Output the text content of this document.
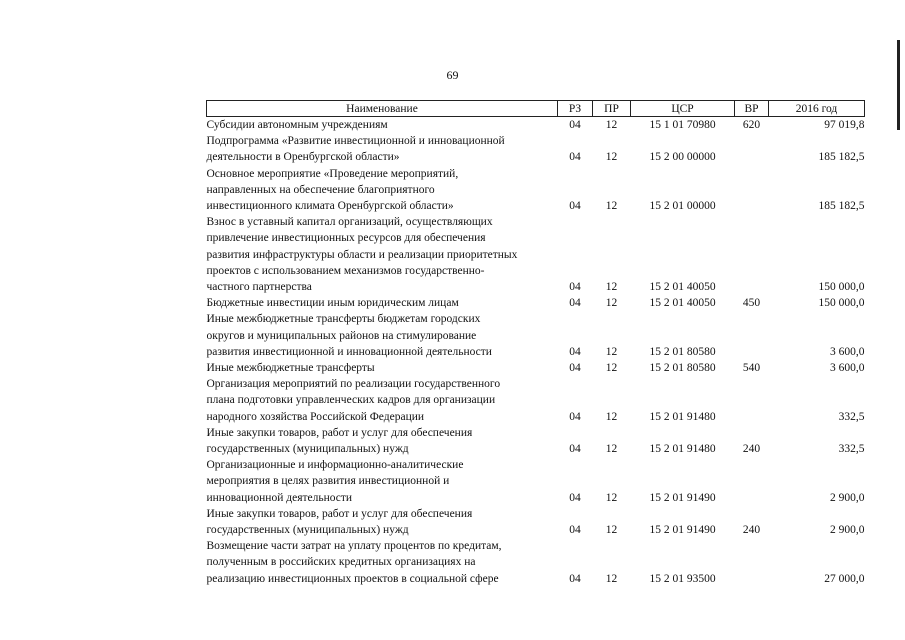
69
Наименование	РЗ	ПР	ЦСР	ВР	2016 год

Субсидии автономным учреждениям	04	12	15 1 01 70980	620	97 019,8

Подпрограмма «Развитие инвестиционной и инновационной
деятельности в Оренбургской области»	04	12	15 2 00 00000		185 182,5

Основное мероприятие «Проведение мероприятий,
направленных на обеспечение благоприятного
инвестиционного климата Оренбургской области»	04	12	15 2 01 00000		185 182,5

Взнос в уставный капитал организаций, осуществляющих
привлечение инвестиционных ресурсов для обеспечения
развития инфраструктуры области и реализации приоритетных
проектов с использованием механизмов государственно-
частного партнерства	04	12	15 2 01 40050		150 000,0

Бюджетные инвестиции иным юридическим лицам	04	12	15 2 01 40050	450	150 000,0

Иные межбюджетные трансферты бюджетам городских
округов и муниципальных районов на стимулирование
развития инвестиционной и инновационной деятельности	04	12	15 2 01 80580		3 600,0

Иные межбюджетные трансферты	04	12	15 2 01 80580	540	3 600,0

Организация мероприятий по реализации государственного
плана подготовки управленческих кадров для организации
народного хозяйства Российской Федерации	04	12	15 2 01 91480		332,5

Иные закупки товаров, работ и услуг для обеспечения
государственных (муниципальных) нужд	04	12	15 2 01 91480	240	332,5

Организационные и информационно-аналитические
мероприятия в целях развития инвестиционной и
инновационной деятельности	04	12	15 2 01 91490		2 900,0

Иные закупки товаров, работ и услуг для обеспечения
государственных (муниципальных) нужд	04	12	15 2 01 91490	240	2 900,0

Возмещение части затрат на уплату процентов по кредитам,
полученным в российских кредитных организациях на
реализацию инвестиционных проектов в социальной сфере	04	12	15 2 01 93500		27 000,0
